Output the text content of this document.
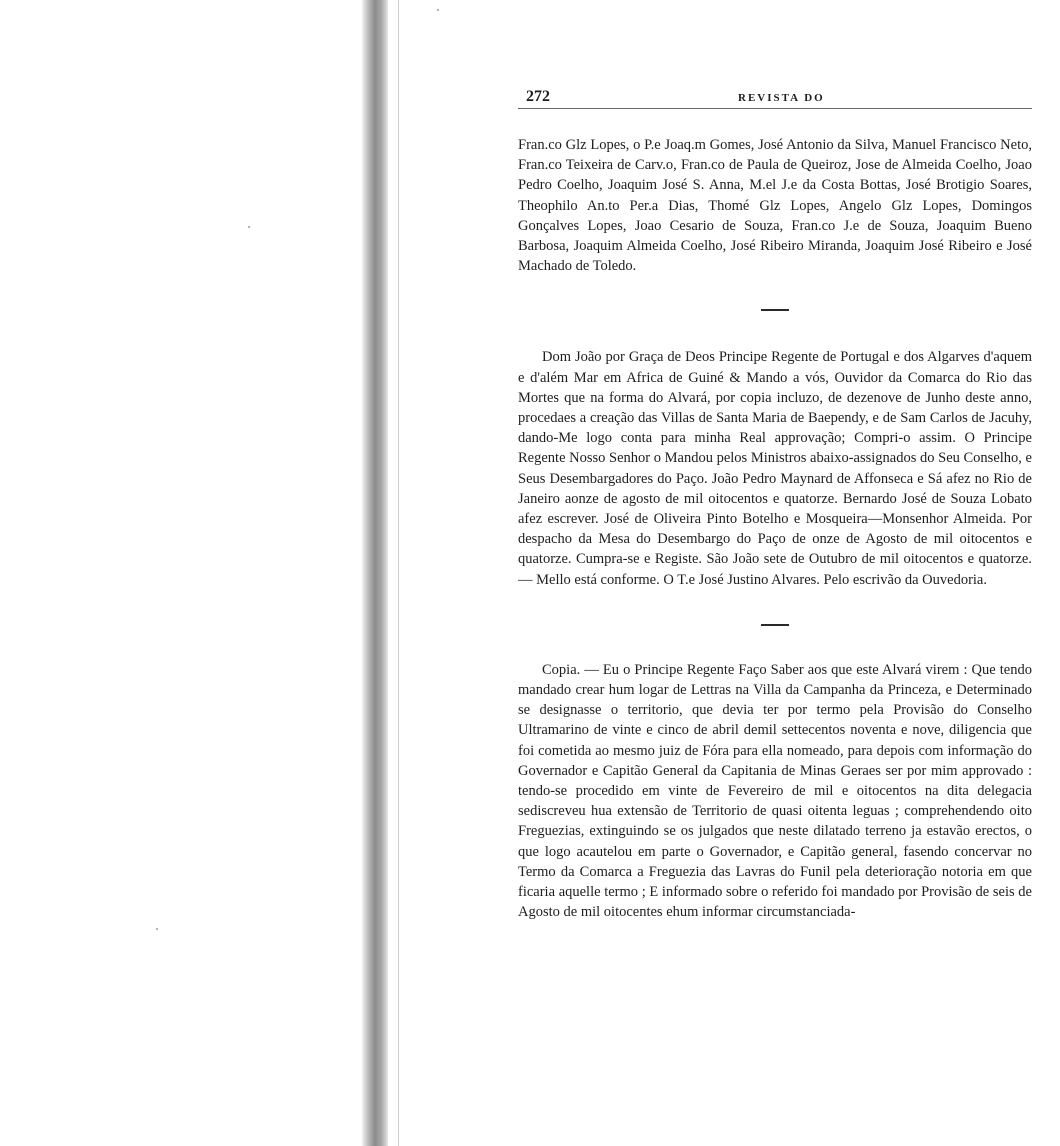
272	REVISTA DO

Fran.co Glz Lopes, o P.e Joaq.m Gomes, José Antonio da Silva, Manuel Francisco Neto, Fran.co Teixeira de Carv.o, Fran.co de Paula de Queiroz, Jose de Almeida Coelho, Joao Pedro Coelho, Joaquim José S. Anna, M.el J.e da Costa Bottas, José Brotigio Soares, Theophilo An.to Per.a Dias, Thomé Glz Lopes, Angelo Glz Lopes, Domingos Gonçalves Lopes, Joao Cesario de Souza, Fran.co J.e de Souza, Joaquim Bueno Barbosa, Joaquim Almeida Coelho, José Ribeiro Miranda, Joaquim José Ribeiro e José Machado de Toledo.

Dom João por Graça de Deos Principe Regente de Portugal e dos Algarves d'aquem e d'além Mar em Africa de Guiné & Mando a vós, Ouvidor da Comarca do Rio das Mortes que na forma do Alvará, por copia incluzo, de dezenove de Junho deste anno, procedaes a creação das Villas de Santa Maria de Baependy, e de Sam Carlos de Jacuhy, dando-Me logo conta para minha Real approvação; Compri-o assim. O Principe Regente Nosso Senhor o Mandou pelos Ministros abaixo-assignados do Seu Conselho, e Seus Desembargadores do Paço. João Pedro Maynard de Affonseca e Sá afez no Rio de Janeiro aonze de agosto de mil oitocentos e quatorze. Bernardo José de Souza Lobato afez escrever. José de Oliveira Pinto Botelho e Mosqueira—Monsenhor Almeida. Por despacho da Mesa do Desembargo do Paço de onze de Agosto de mil oitocentos e quatorze. Cumpra-se e Registe. São João sete de Outubro de mil oitocentos e quatorze. — Mello está conforme. O T.e José Justino Alvares. Pelo escrivão da Ouvedoria.

Copia. — Eu o Principe Regente Faço Saber aos que este Alvará virem : Que tendo mandado crear hum logar de Lettras na Villa da Campanha da Princeza, e Determinado se designasse o territorio, que devia ter por termo pela Provisão do Conselho Ultramarino de vinte e cinco de abril demil settecentos noventa e nove, diligencia que foi cometida ao mesmo juiz de Fóra para ella nomeado, para depois com informação do Governador e Capitão General da Capitania de Minas Geraes ser por mim approvado : tendo-se procedido em vinte de Fevereiro de mil e oitocentos na dita delegacia sediscreveu hua extensão de Territorio de quasi oitenta leguas ; comprehendendo oito Freguezias, extinguindo se os julgados que neste dilatado terreno ja estavão erectos, o que logo acautelou em parte o Governador, e Capitão general, fasendo concervar no Termo da Comarca a Freguezia das Lavras do Funil pela deterioração notoria em que ficaria aquelle termo ; E informado sobre o referido foi mandado por Provisão de seis de Agosto de mil oitocentes ehum informar circumstanciada-
